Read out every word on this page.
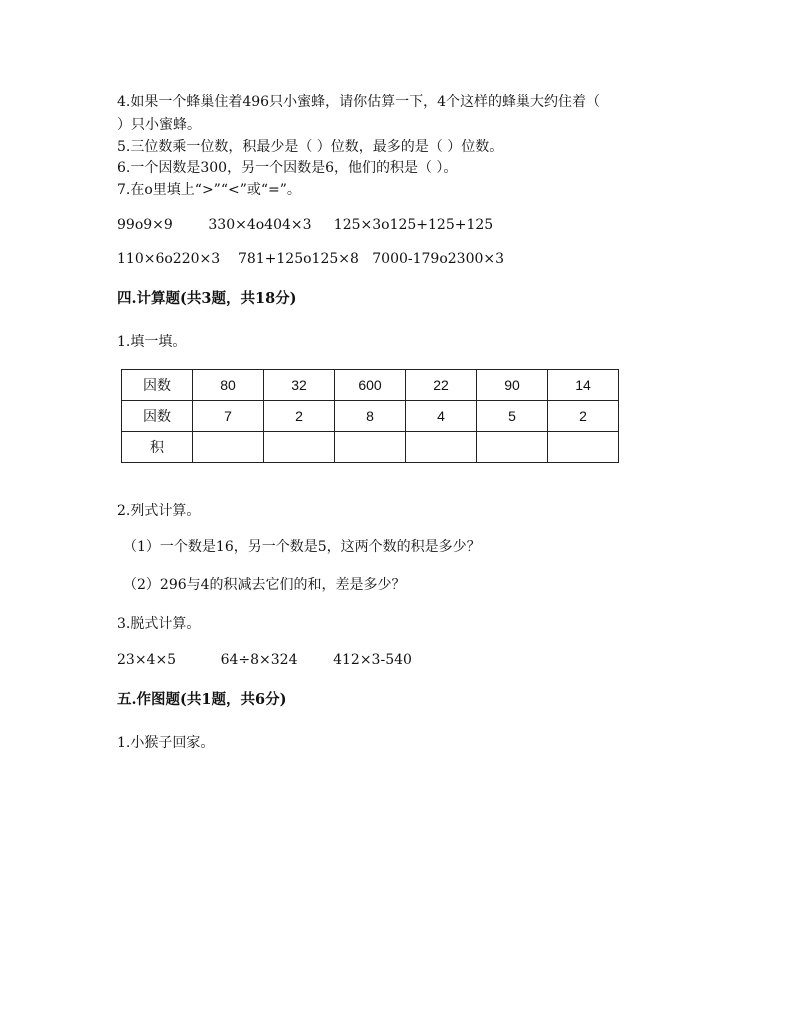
4.如果一个蜂巢住着496只小蜜蜂，请你估算一下，4个这样的蜂巢大约住着（
）只小蜜蜂。
5.三位数乘一位数，积最少是（ ）位数，最多的是（ ）位数。
6.一个因数是300，另一个因数是6，他们的积是（ ）。
7.在o里填上“>”“<”或“=”。
99o9×9        330×4o404×3     125×3o125+125+125
110×6o220×3    781+125o125×8   7000-179o2300×3
四.计算题(共3题，共18分)
1.填一填。
因数	80	32	600	22	90	14
因数	7	2	8	4	5	2
积						
2.列式计算。
（1）一个数是16，另一个数是5，这两个数的积是多少？
（2）296与4的积减去它们的和，差是多少？
3.脱式计算。
23×4×5          64÷8×324        412×3-540
五.作图题(共1题，共6分)
1.小猴子回家。
